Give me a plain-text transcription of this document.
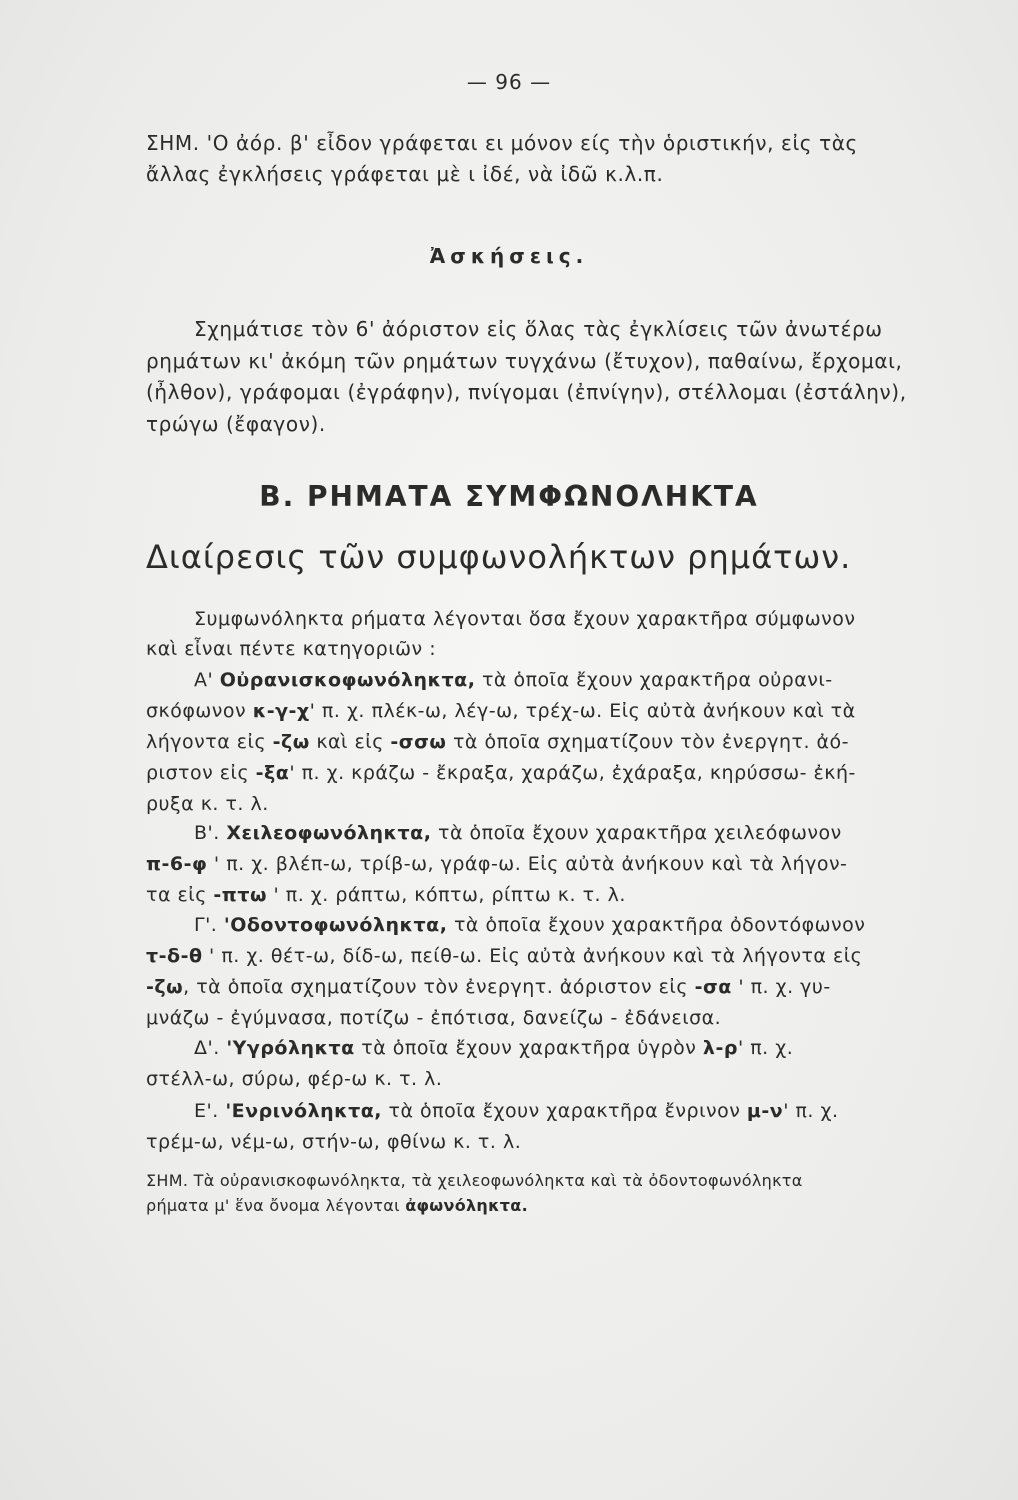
— 96 —

ΣΗΜ. 'Ο ἀόρ. β' εἶδον γράφεται ει μόνον είς τὴν ὁριστικήν, εἰς τὰς

ἄλλας ἐγκλήσεις γράφεται μὲ ι ἰδέ, νὰ ἰδῶ κ.λ.π.

Ἀσκήσεις.

Σχημάτισε τὸν 6' ἀόριστον εἰς ὅλας τὰς ἐγκλίσεις τῶν ἀνωτέρω

ρημάτων κι' ἀκόμη τῶν ρημάτων τυγχάνω (ἔτυχον), παθαίνω, ἔρχομαι,

(ἦλθον), γράφομαι (ἐγράφην), πνίγομαι (ἐπνίγην), στέλλομαι (ἐστάλην),

τρώγω (ἔφαγον).

Β. ΡΗΜΑΤΑ ΣΥΜΦΩΝΟΛΗΚΤΑ
Διαίρεσις τῶν συμφωνολήκτων ρημάτων.

Συμφωνόληκτα ρήματα λέγονται ὅσα ἔχουν χαρακτῆρα σύμφωνον

καὶ εἶναι πέντε κατηγοριῶν :

Α' Οὐρανισκοφωνόληκτα, τὰ ὁποῖα ἔχουν χαρακτῆρα οὐρανι-

σκόφωνον κ-γ-χ' π. χ. πλέκ-ω, λέγ-ω, τρέχ-ω. Εἰς αὐτὰ ἀνήκουν καὶ τὰ

λήγοντα εἰς -ζω καὶ εἰς -σσω τὰ ὁποῖα σχηματίζουν τὸν ἐνεργητ. ἀό-

ριστον εἰς -ξα' π. χ. κράζω - ἔκραξα, χαράζω, ἐχάραξα, κηρύσσω- ἐκή-

ρυξα κ. τ. λ.

Β'. Χειλεοφωνόληκτα, τὰ ὁποῖα ἔχουν χαρακτῆρα χειλεόφωνον

π-6-φ ' π. χ. βλέπ-ω, τρίβ-ω, γράφ-ω. Εἰς αὐτὰ ἀνήκουν καὶ τὰ λήγον-

τα εἰς -πτω ' π. χ. ράπτω, κόπτω, ρίπτω κ. τ. λ.

Γ'. 'Οδοντοφωνόληκτα, τὰ ὁποῖα ἔχουν χαρακτῆρα ὀδοντόφωνον

τ-δ-θ ' π. χ. θέτ-ω, δίδ-ω, πείθ-ω. Εἰς αὐτὰ ἀνήκουν καὶ τὰ λήγοντα εἰς

-ζω, τὰ ὁποῖα σχηματίζουν τὸν ἐνεργητ. ἀόριστον εἰς -σα ' π. χ. γυ-

μνάζω - ἐγύμνασα, ποτίζω - ἐπότισα, δανείζω - ἐδάνεισα.

Δ'. 'Υγρόληκτα τὰ ὁποῖα ἔχουν χαρακτῆρα ὑγρὸν λ-ρ' π. χ.

στέλλ-ω, σύρω, φέρ-ω κ. τ. λ.

Ε'. 'Ενρινόληκτα, τὰ ὁποῖα ἔχουν χαρακτῆρα ἔνρινον μ-ν' π. χ.

τρέμ-ω, νέμ-ω, στήν-ω, φθίνω κ. τ. λ.

ΣΗΜ. Τὰ οὐρανισκοφωνόληκτα, τὰ χειλεοφωνόληκτα καὶ τὰ ὀδοντοφωνόληκτα

ρήματα μ' ἕνα ὄνομα λέγονται ἀφωνόληκτα.
